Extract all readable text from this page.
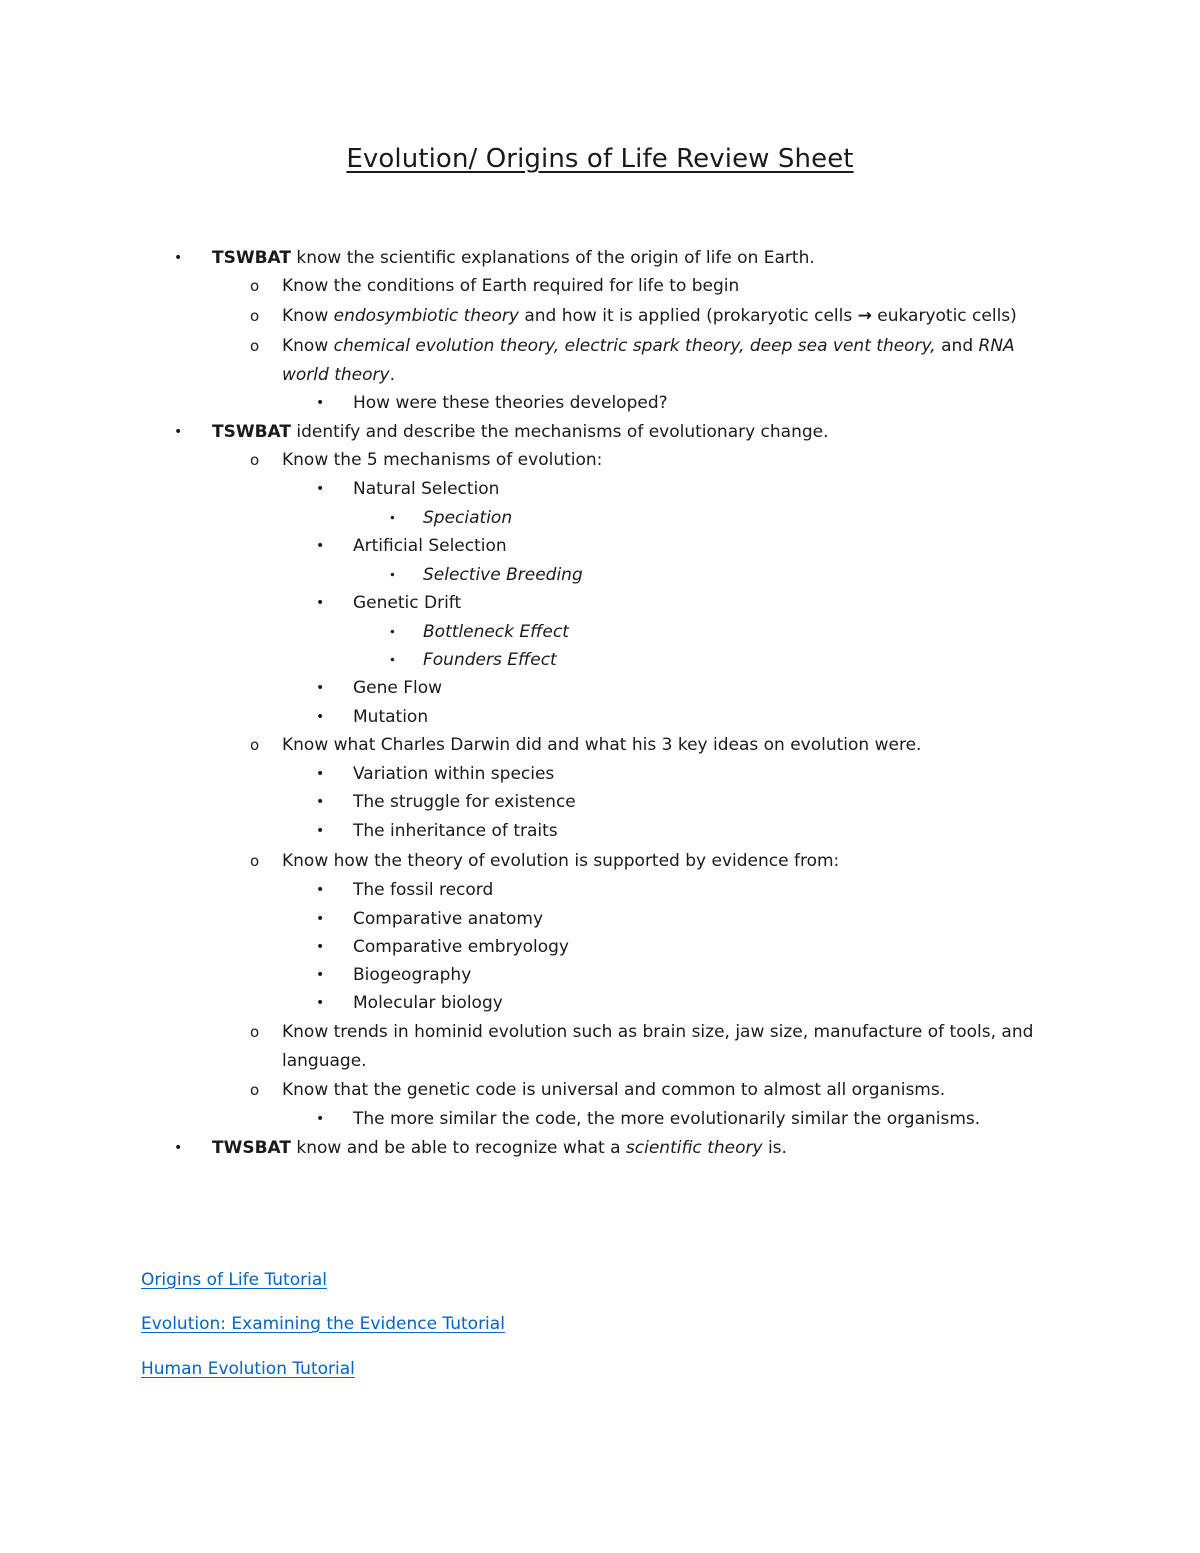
Evolution/ Origins of Life Review Sheet
• TSWBAT know the scientific explanations of the origin of life on Earth.
o Know the conditions of Earth required for life to begin
o Know endosymbiotic theory and how it is applied (prokaryotic cells → eukaryotic cells)
o Know chemical evolution theory, electric spark theory, deep sea vent theory, and RNA
world theory.
• How were these theories developed?
• TSWBAT identify and describe the mechanisms of evolutionary change.
o Know the 5 mechanisms of evolution:
• Natural Selection
• Speciation
• Artificial Selection
• Selective Breeding
• Genetic Drift
• Bottleneck Effect
• Founders Effect
• Gene Flow
• Mutation
o Know what Charles Darwin did and what his 3 key ideas on evolution were.
• Variation within species
• The struggle for existence
• The inheritance of traits
o Know how the theory of evolution is supported by evidence from:
• The fossil record
• Comparative anatomy
• Comparative embryology
• Biogeography
• Molecular biology
o Know trends in hominid evolution such as brain size, jaw size, manufacture of tools, and
language.
o Know that the genetic code is universal and common to almost all organisms.
• The more similar the code, the more evolutionarily similar the organisms.
• TWSBAT know and be able to recognize what a scientific theory is.
Origins of Life Tutorial
Evolution: Examining the Evidence Tutorial
Human Evolution Tutorial
